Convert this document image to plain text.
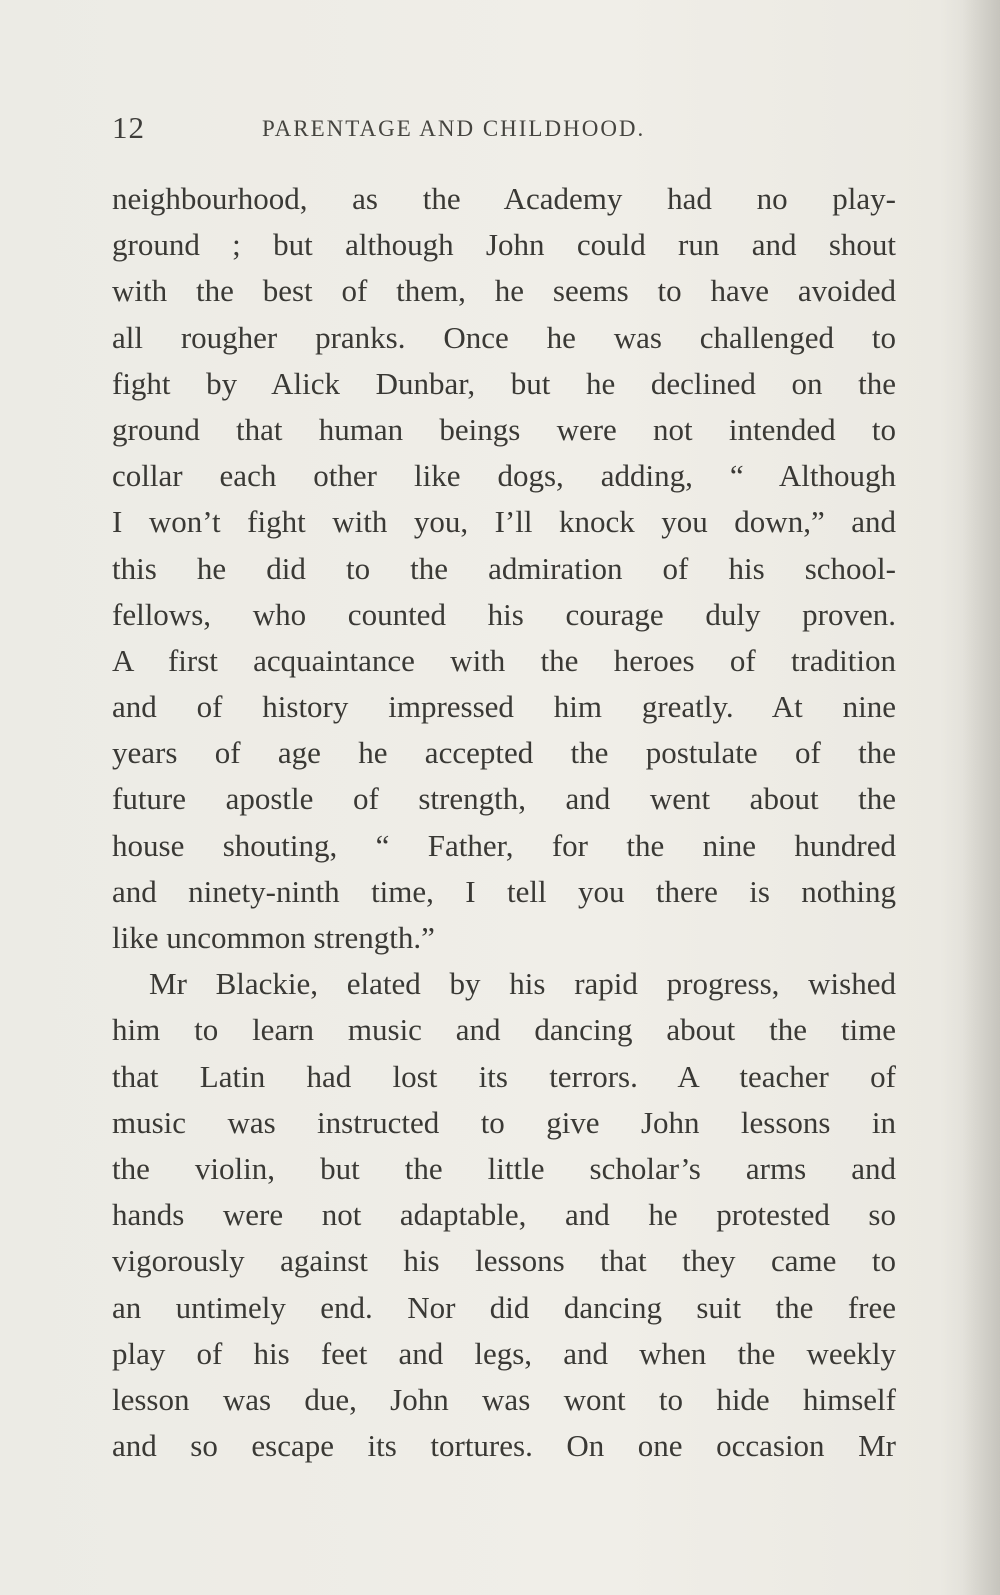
12	PARENTAGE AND CHILDHOOD.
neighbourhood, as the Academy had no play-
ground ; but although John could run and shout
with the best of them, he seems to have avoided
all rougher pranks. Once he was challenged to
fight by Alick Dunbar, but he declined on the
ground that human beings were not intended to
collar each other like dogs, adding, “ Although
I won’t fight with you, I’ll knock you down,” and
this he did to the admiration of his school-
fellows, who counted his courage duly proven.
A first acquaintance with the heroes of tradition
and of history impressed him greatly. At nine
years of age he accepted the postulate of the
future apostle of strength, and went about the
house shouting, “ Father, for the nine hundred
and ninety-ninth time, I tell you there is nothing
like uncommon strength.”
Mr Blackie, elated by his rapid progress, wished
him to learn music and dancing about the time
that Latin had lost its terrors. A teacher of
music was instructed to give John lessons in
the violin, but the little scholar’s arms and
hands were not adaptable, and he protested so
vigorously against his lessons that they came to
an untimely end. Nor did dancing suit the free
play of his feet and legs, and when the weekly
lesson was due, John was wont to hide himself
and so escape its tortures. On one occasion Mr
